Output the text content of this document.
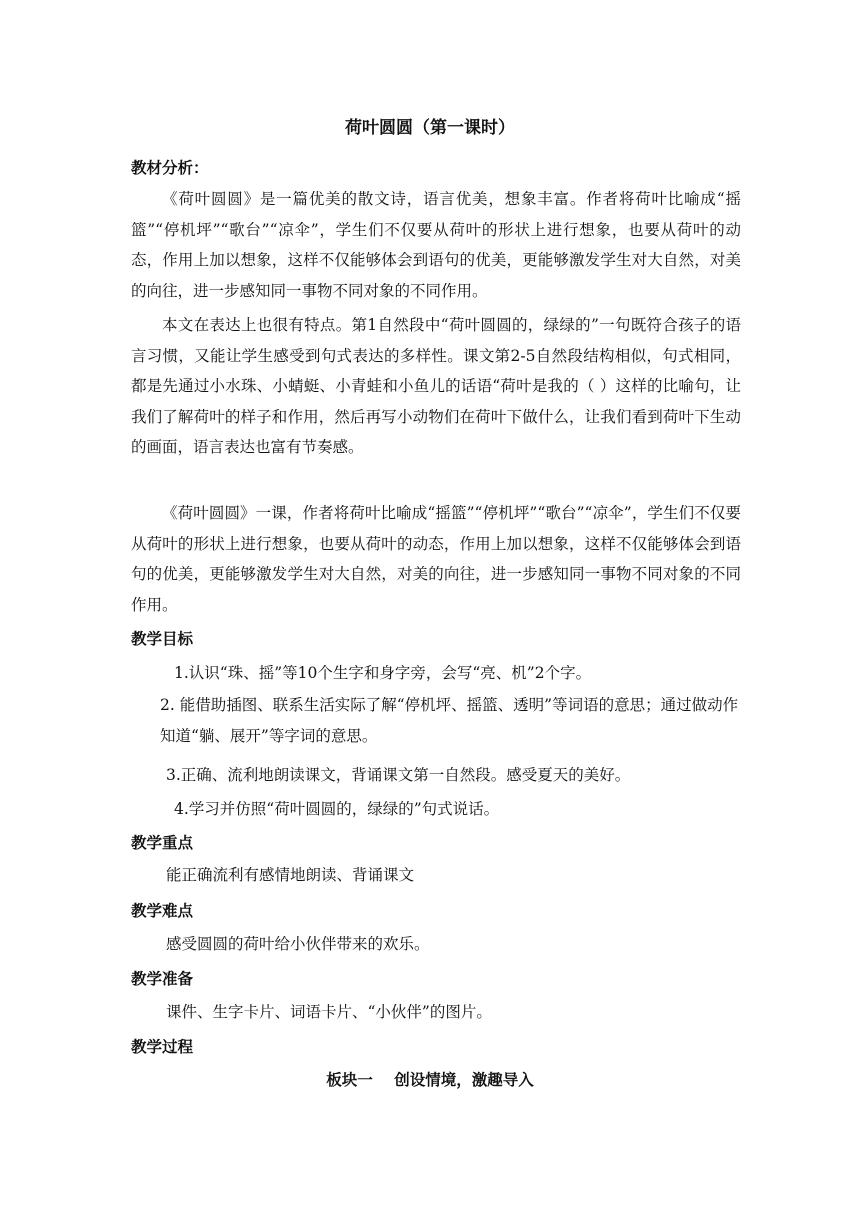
荷叶圆圆（第一课时）
教材分析：
《荷叶圆圆》是一篇优美的散文诗，语言优美，想象丰富。作者将荷叶比喻成“摇篮”“停机坪”“歌台”“凉伞”，学生们不仅要从荷叶的形状上进行想象，也要从荷叶的动态，作用上加以想象，这样不仅能够体会到语句的优美，更能够激发学生对大自然，对美的向往，进一步感知同一事物不同对象的不同作用。
本文在表达上也很有特点。第1自然段中“荷叶圆圆的，绿绿的”一句既符合孩子的语言习惯，又能让学生感受到句式表达的多样性。课文第2-5自然段结构相似，句式相同，都是先通过小水珠、小蜻蜓、小青蛙和小鱼儿的话语“荷叶是我的（ ）这样的比喻句，让我们了解荷叶的样子和作用，然后再写小动物们在荷叶下做什么，让我们看到荷叶下生动的画面，语言表达也富有节奏感。
《荷叶圆圆》一课，作者将荷叶比喻成“摇篮”“停机坪”“歌台”“凉伞”，学生们不仅要从荷叶的形状上进行想象，也要从荷叶的动态，作用上加以想象，这样不仅能够体会到语句的优美，更能够激发学生对大自然，对美的向往，进一步感知同一事物不同对象的不同作用。
教学目标
1.认识“珠、摇”等10个生字和身字旁，会写“亮、机”2个字。
2. 能借助插图、联系生活实际了解“停机坪、摇篮、透明”等词语的意思；通过做动作知道“躺、展开”等字词的意思。
3.正确、流利地朗读课文，背诵课文第一自然段。感受夏天的美好。
4.学习并仿照“荷叶圆圆的，绿绿的”句式说话。
教学重点
能正确流利有感情地朗读、背诵课文
教学难点
感受圆圆的荷叶给小伙伴带来的欢乐。
教学准备
课件、生字卡片、词语卡片、“小伙伴”的图片。
教学过程
板块一    创设情境，激趣导入
